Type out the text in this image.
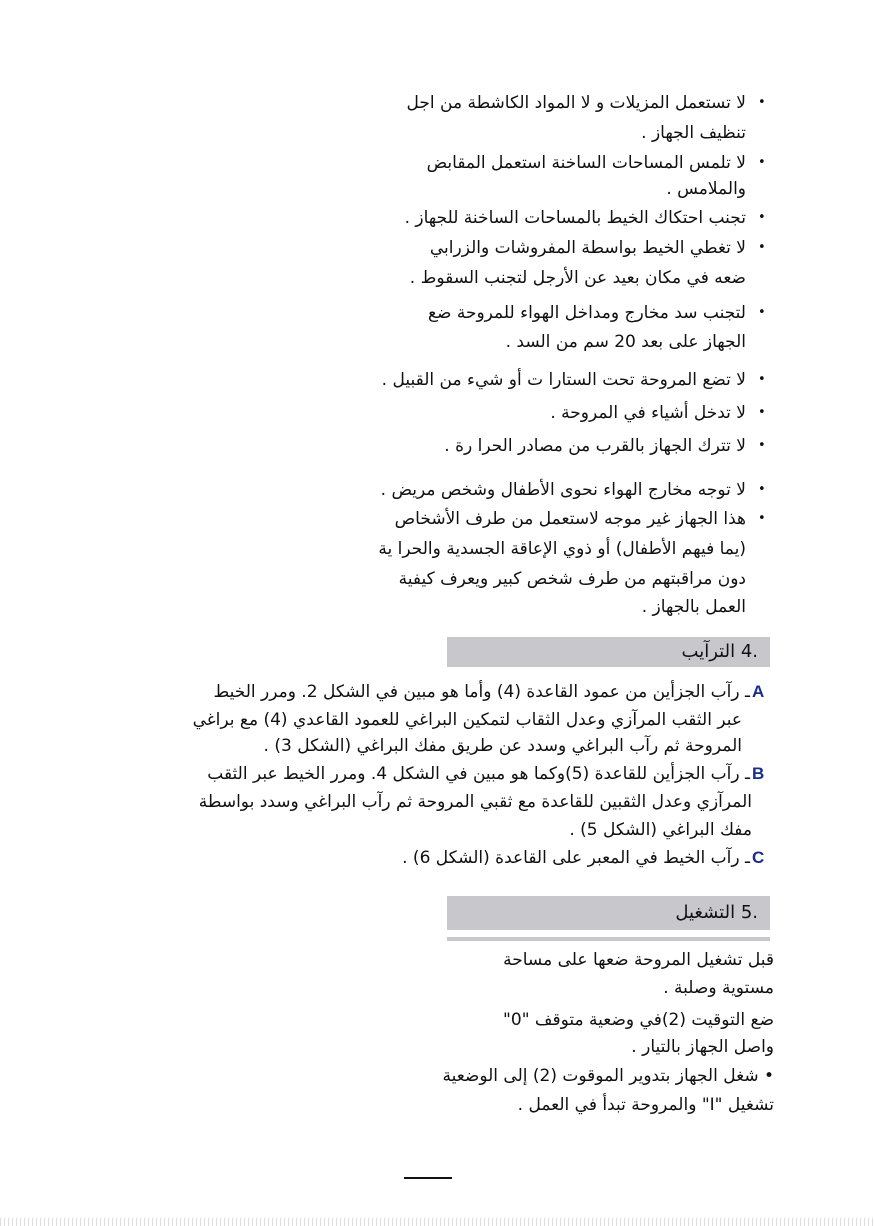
•
لا تستعمل المزيلات و لا المواد الكاشطة من اجل
تنظيف الجهاز .
•
لا تلمس المساحات الساخنة استعمل المقابض
والملامس .
•
تجنب احتكاك الخيط بالمساحات الساخنة للجهاز .
•
لا تغطي الخيط بواسطة المفروشات والزرابي
ضعه في مكان بعيد عن الأرجل لتجنب السقوط .
•
لتجنب سد مخارج ومداخل الهواء للمروحة ضع
الجهاز على بعد 20 سم من السد .
•
لا تضع المروحة تحت الستارا ت أو شيء من القبيل .
•
لا تدخل أشياء في المروحة .
•
لا تترك الجهاز بالقرب من مصادر الحرا رة .
•
لا توجه مخارج الهواء نحوى الأطفال وشخص مريض .
•
هذا الجهاز غير موجه لاستعمل من طرف الأشخاص
(يما فيهم الأطفال) أو ذوي الإعاقة الجسدية والحرا ية
دون مراقبتهم من طرف شخص كبير ويعرف كيفية
العمل بالجهاز .
.4 الترآيب
A
ـ رآب الجزأين من عمود القاعدة (4) وأما هو مبين في الشكل 2. ومرر الخيط
عبر الثقب المرآزي وعدل الثقاب لتمكين البراغي للعمود القاعدي (4) مع براغي
المروحة ثم رآب البراغي وسدد عن طريق مفك البراغي (الشكل 3) .
B
ـ رآب الجزأين للقاعدة (5)وكما هو مبين في الشكل 4. ومرر الخيط عبر الثقب
المرآزي وعدل الثقبين للقاعدة مع ثقبي المروحة ثم رآب البراغي وسدد بواسطة
مفك البراغي (الشكل 5) .
C
ـ رآب الخيط في المعبر على القاعدة (الشكل 6) .
.5 التشغيل
قبل تشغيل المروحة ضعها على مساحة
مستوية وصلبة .
ضع التوقيت (2)في وضعية متوقف "0"
واصل الجهاز بالتيار .
• شغل الجهاز بتدوير الموقوت (2) إلى الوضعية
تشغيل "I" والمروحة تبدأ في العمل .
